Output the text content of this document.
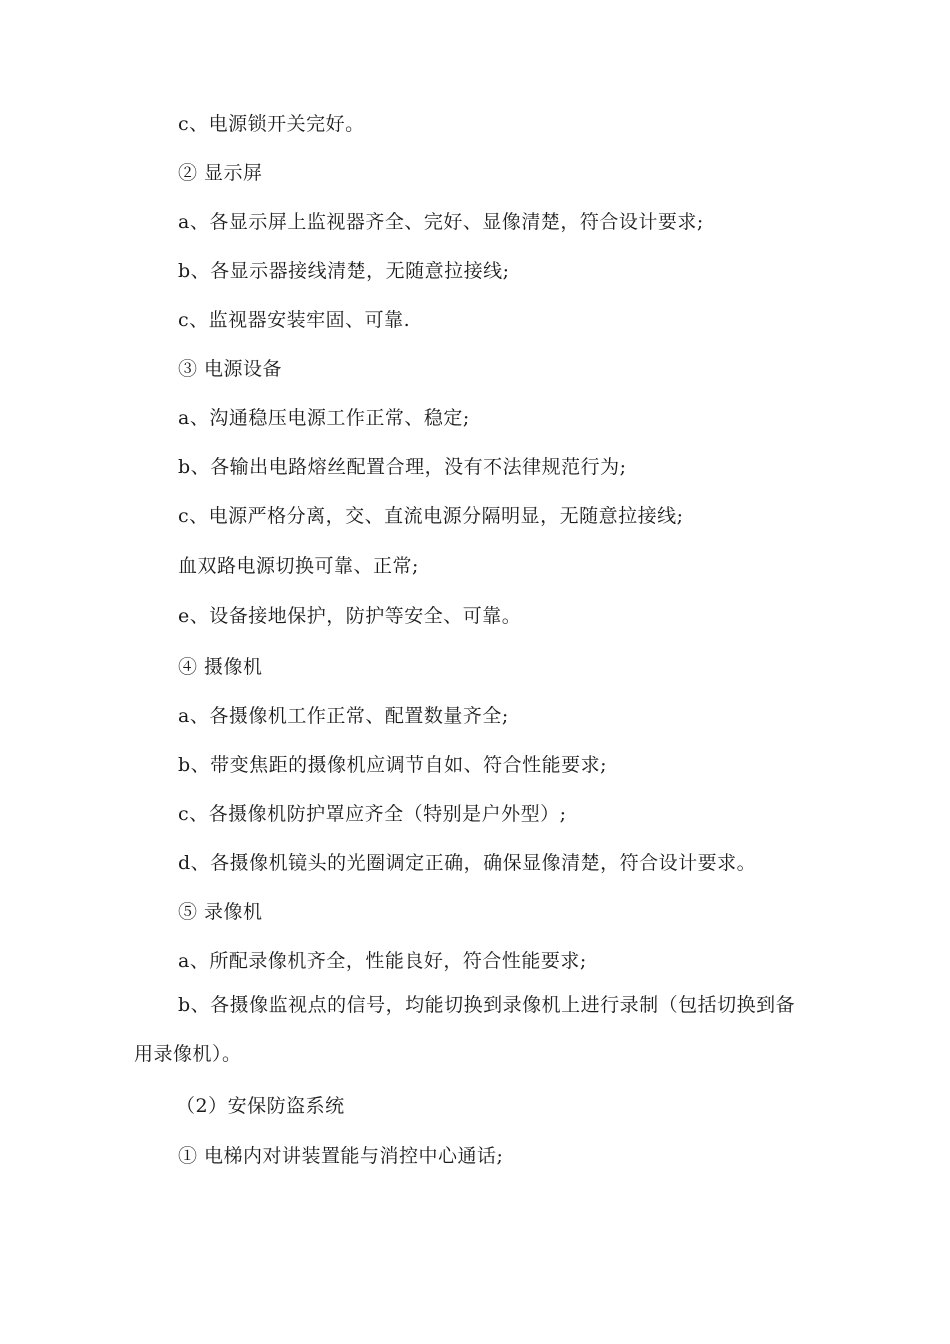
c、电源锁开关完好。
② 显示屏
a、各显示屏上监视器齐全、完好、显像清楚，符合设计要求;
b、各显示器接线清楚，无随意拉接线;
c、监视器安装牢固、可靠.
③ 电源设备
a、沟通稳压电源工作正常、稳定;
b、各输出电路熔丝配置合理，没有不法律规范行为;
c、电源严格分离，交、直流电源分隔明显，无随意拉接线;
血双路电源切换可靠、正常;
e、设备接地保护，防护等安全、可靠。
④ 摄像机
a、各摄像机工作正常、配置数量齐全;
b、带变焦距的摄像机应调节自如、符合性能要求;
c、各摄像机防护罩应齐全（特别是户外型）;
d、各摄像机镜头的光圈调定正确，确保显像清楚，符合设计要求。
⑤ 录像机
a、所配录像机齐全，性能良好，符合性能要求;
b、各摄像监视点的信号，均能切换到录像机上进行录制（包括切换到备
用录像机）。
（2）安保防盗系统
① 电梯内对讲装置能与消控中心通话;
